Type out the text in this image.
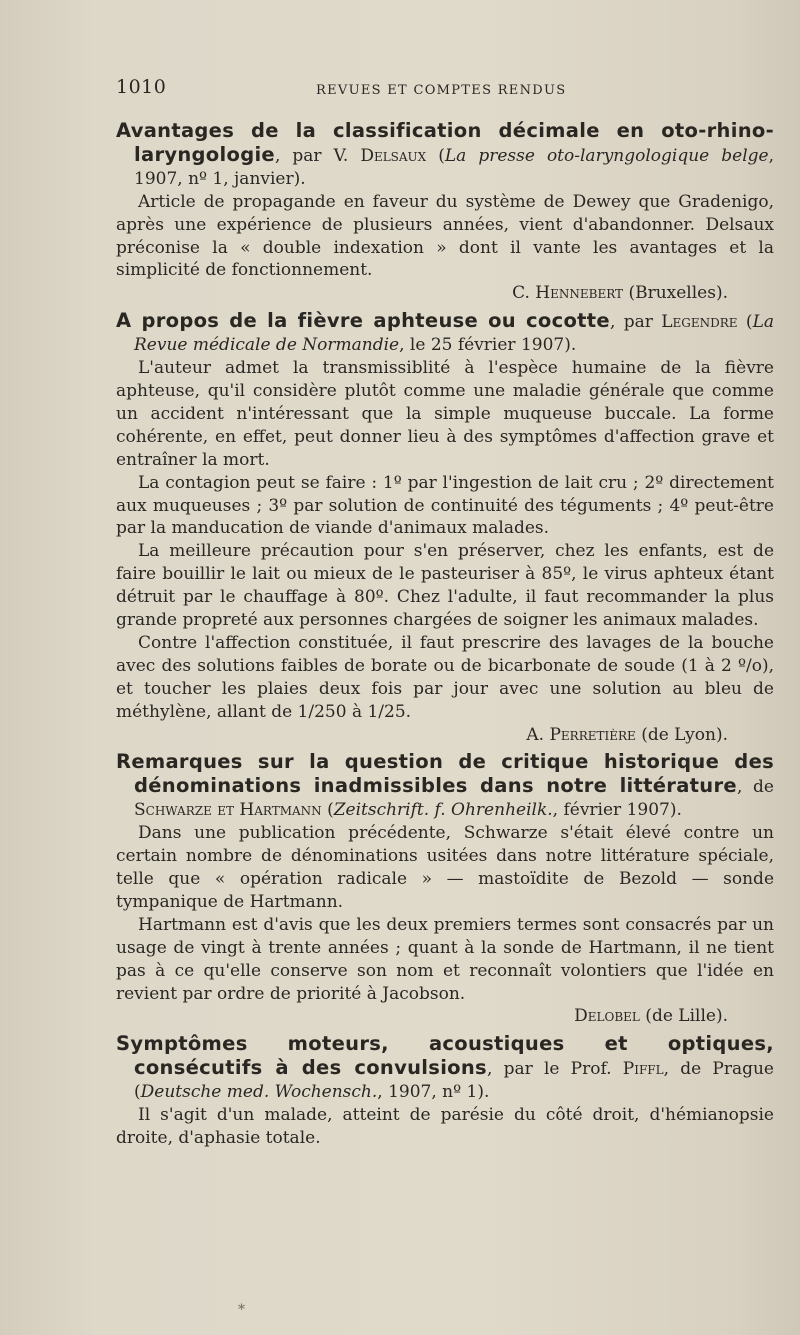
1010	REVUES ET COMPTES RENDUS

Avantages de la classification décimale en oto-rhino-laryngologie, par V. Delsaux (La presse oto-laryngologique belge, 1907, nº 1, janvier).

Article de propagande en faveur du système de Dewey que Gradenigo, après une expérience de plusieurs années, vient d'abandonner. Delsaux préconise la « double indexation » dont il vante les avantages et la simplicité de fonctionnement.

C. Hennebert (Bruxelles).

A propos de la fièvre aphteuse ou cocotte, par Legendre (La Revue médicale de Normandie, le 25 février 1907).

L'auteur admet la transmissiblité à l'espèce humaine de la fièvre aphteuse, qu'il considère plutôt comme une maladie générale que comme un accident n'intéressant que la simple muqueuse buccale. La forme cohérente, en effet, peut donner lieu à des symptômes d'affection grave et entraîner la mort.

La contagion peut se faire : 1º par l'ingestion de lait cru ; 2º directement aux muqueuses ; 3º par solution de continuité des téguments ; 4º peut-être par la manducation de viande d'animaux malades.

La meilleure précaution pour s'en préserver, chez les enfants, est de faire bouillir le lait ou mieux de le pasteuriser à 85º, le virus aphteux étant détruit par le chauffage à 80º. Chez l'adulte, il faut recommander la plus grande propreté aux personnes chargées de soigner les animaux malades.

Contre l'affection constituée, il faut prescrire des lavages de la bouche avec des solutions faibles de borate ou de bicarbonate de soude (1 à 2 º/o), et toucher les plaies deux fois par jour avec une solution au bleu de méthylène, allant de 1/250 à 1/25.

A. Perretière (de Lyon).

Remarques sur la question de critique historique des dénominations inadmissibles dans notre littérature, de Schwarze et Hartmann (Zeitschrift. f. Ohrenheilk., février 1907).

Dans une publication précédente, Schwarze s'était élevé contre un certain nombre de dénominations usitées dans notre littérature spéciale, telle que « opération radicale » — mastoïdite de Bezold — sonde tympanique de Hartmann.

Hartmann est d'avis que les deux premiers termes sont consacrés par un usage de vingt à trente années ; quant à la sonde de Hartmann, il ne tient pas à ce qu'elle conserve son nom et reconnaît volontiers que l'idée en revient par ordre de priorité à Jacobson.

Delobel (de Lille).

Symptômes moteurs, acoustiques et optiques, consécutifs à des convulsions, par le Prof. Piffl, de Prague (Deutsche med. Wochensch., 1907, nº 1).

Il s'agit d'un malade, atteint de parésie du côté droit, d'hémianopsie droite, d'aphasie totale.

*
